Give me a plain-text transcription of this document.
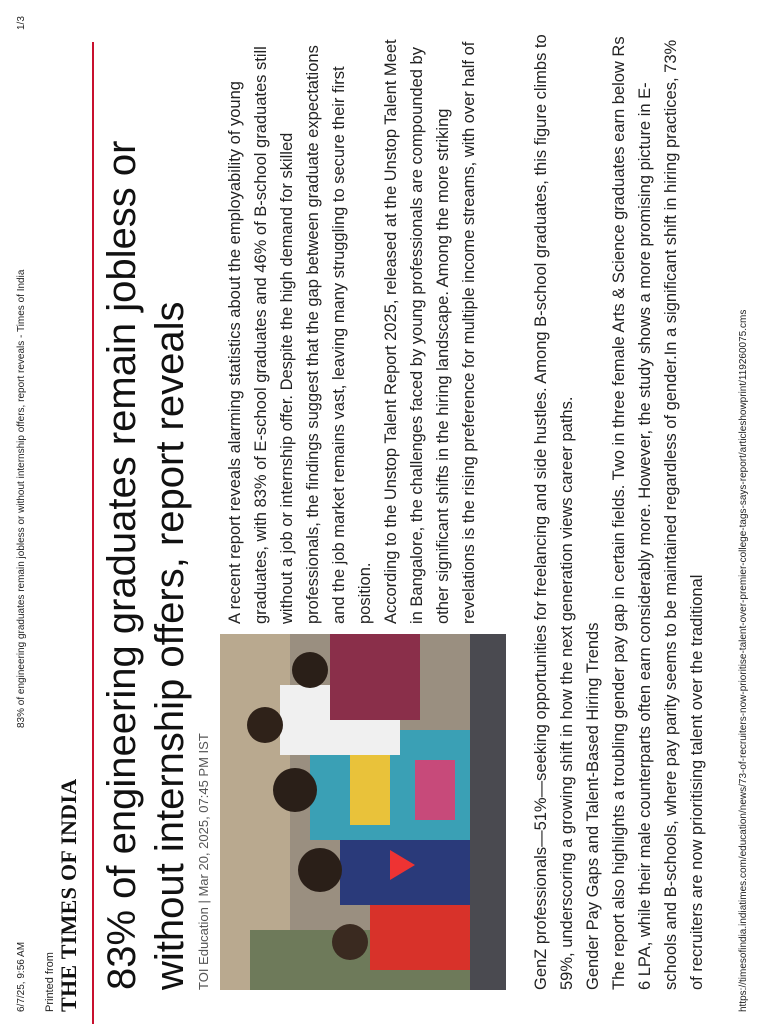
6/7/25, 9:56 AM
83% of engineering graduates remain jobless or without internship offers, report reveals - Times of India
1/3
Printed from THE TIMES OF INDIA 83% of engineering graduates remain jobless or without internship offers, report reveals TOI Education | Mar 20, 2025, 07:45 PM IST

A recent report reveals alarming statistics about the employability of young graduates, with 83% of E-school graduates and 46% of B-school graduates still without a job or internship offer. Despite the high demand for skilled professionals, the findings suggest that the gap between graduate expectations and the job market remains vast, leaving many struggling to secure their first position. According to the Unstop Talent Report 2025, released at the Unstop Talent Meet in Bangalore, the challenges faced by young professionals are compounded by other significant shifts in the hiring landscape. Among the more striking revelations is the rising preference for multiple income streams, with over half of	GenZ professionals—51%—seeking opportunities for freelancing and side hustles. Among B-school graduates, this figure climbs to 59%, underscoring a growing shift in how the next generation views career paths. Gender Pay Gaps and Talent-Based Hiring Trends The report also highlights a troubling gender pay gap in certain fields. Two in three female Arts & Science graduates earn below Rs 6 LPA, while their male counterparts often earn considerably more. However, the study shows a more promising picture in E-schools and B-schools, where pay parity seems to be maintained regardless of gender.In a significant shift in hiring practices, 73% of recruiters are now prioritising talent over the traditional	https://timesofindia.indiatimes.com/education/news/73-of-recruiters-now-prioritise-talent-over-premier-college-tags-says-report/articleshowprint/119260075.cms
